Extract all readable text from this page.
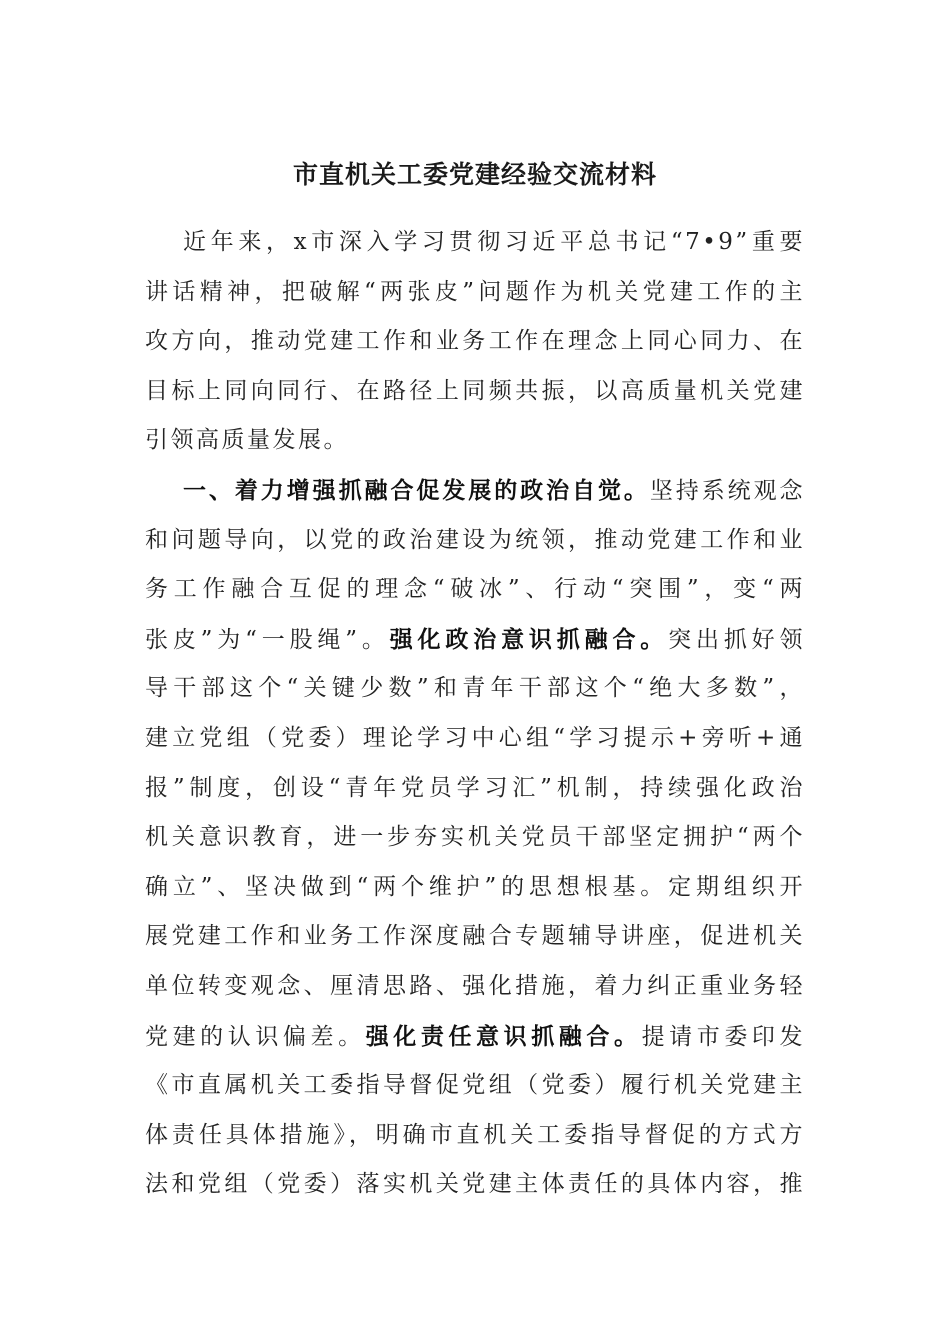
市直机关工委党建经验交流材料
近年来，x市深入学习贯彻习近平总书记“7•9”重要
讲话精神，把破解“两张皮”问题作为机关党建工作的主
攻方向，推动党建工作和业务工作在理念上同心同力、在
目标上同向同行、在路径上同频共振，以高质量机关党建
引领高质量发展。
一、着力增强抓融合促发展的政治自觉。坚持系统观念
和问题导向，以党的政治建设为统领，推动党建工作和业
务工作融合互促的理念“破冰”、行动“突围”，变“两
张皮”为“一股绳”。强化政治意识抓融合。突出抓好领
导干部这个“关键少数”和青年干部这个“绝大多数”，
建立党组（党委）理论学习中心组“学习提示+旁听+通
报”制度，创设“青年党员学习汇”机制，持续强化政治
机关意识教育，进一步夯实机关党员干部坚定拥护“两个
确立”、坚决做到“两个维护”的思想根基。定期组织开
展党建工作和业务工作深度融合专题辅导讲座，促进机关
单位转变观念、厘清思路、强化措施，着力纠正重业务轻
党建的认识偏差。强化责任意识抓融合。提请市委印发
《市直属机关工委指导督促党组（党委）履行机关党建主
体责任具体措施》，明确市直机关工委指导督促的方式方
法和党组（党委）落实机关党建主体责任的具体内容，推
